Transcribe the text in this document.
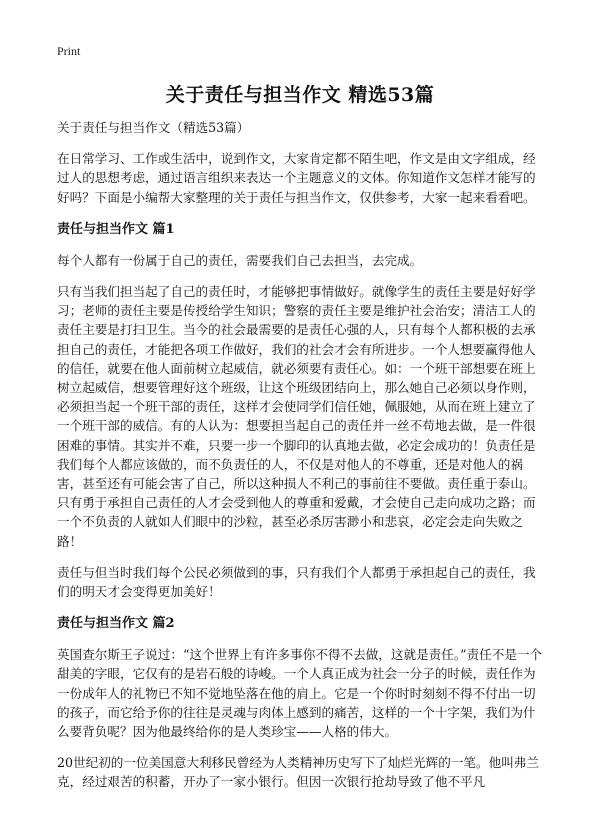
Print
关于责任与担当作文 精选53篇

关于责任与担当作文（精选53篇）

在日常学习、工作或生活中，说到作文，大家肯定都不陌生吧，作文是由文字组成，经过人的思想考虑，通过语言组织来表达一个主题意义的文体。你知道作文怎样才能写的好吗？下面是小编帮大家整理的关于责任与担当作文，仅供参考，大家一起来看看吧。

责任与担当作文 篇1

每个人都有一份属于自己的责任，需要我们自己去担当，去完成。

只有当我们担当起了自己的责任时，才能够把事情做好。就像学生的责任主要是好好学习；老师的责任主要是传授给学生知识；警察的责任主要是维护社会治安；清洁工人的责任主要是打扫卫生。当今的社会最需要的是责任心强的人，只有每个人都积极的去承担自己的责任，才能把各项工作做好，我们的社会才会有所进步。一个人想要赢得他人的信任，就要在他人面前树立起威信，就必须要有责任心。如：一个班干部想要在班上树立起威信，想要管理好这个班级，让这个班级团结向上，那么她自己必须以身作则，必须担当起一个班干部的责任，这样才会使同学们信任她，佩服她，从而在班上建立了一个班干部的威信。有的人认为：想要担当起自己的责任并一丝不苟地去做，是一件很困难的事情。其实并不难，只要一步一个脚印的认真地去做，必定会成功的！负责任是我们每个人都应该做的，而不负责任的人，不仅是对他人的不尊重，还是对他人的祸害，甚至还有可能会害了自己，所以这种损人不利己的事前往不要做。责任重于泰山。只有勇于承担自己责任的人才会受到他人的尊重和爱戴，才会使自己走向成功之路；而一个不负责的人就如人们眼中的沙粒，甚至必杀厉害渺小和悲哀，必定会走向失败之路！

责任与但当时我们每个公民必须做到的事，只有我们个人都勇于承担起自己的责任，我们的明天才会变得更加美好！

责任与担当作文 篇2

英国查尔斯王子说过：“这个世界上有许多事你不得不去做，这就是责任。”责任不是一个甜美的字眼，它仅有的是岩石般的诗峻。一个人真正成为社会一分子的时候，责任作为一份成年人的礼物已不知不觉地坠落在他的肩上。它是一个你时时刻刻不得不付出一切的孩子，而它给予你的往往是灵魂与肉体上感到的痛苦，这样的一个十字架，我们为什么要背负呢？因为他最终给你的是人类珍宝——人格的伟大。

20世纪初的一位美国意大利移民曾经为人类精神历史写下了灿烂光辉的一笔。他叫弗兰克，经过艰苦的积蓄，开办了一家小银行。但因一次银行抢劫导致了他不平凡
